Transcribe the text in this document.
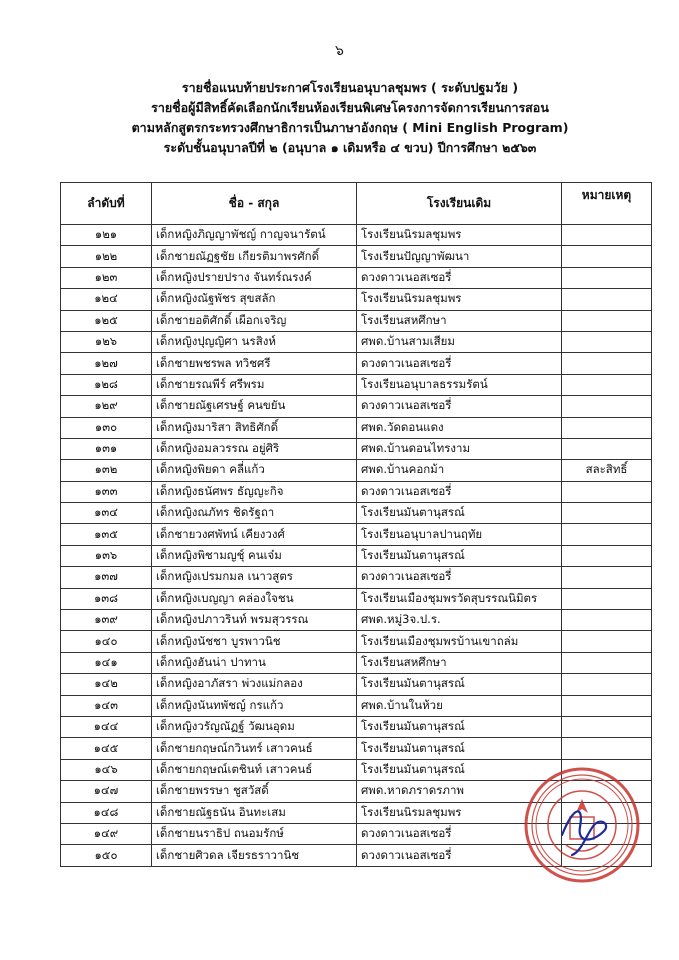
๖
รายชื่อแนบท้ายประกาศโรงเรียนอนุบาลชุมพร ( ระดับปฐมวัย )
รายชื่อผู้มีสิทธิ์คัดเลือกนักเรียนห้องเรียนพิเศษโครงการจัดการเรียนการสอน
ตามหลักสูตรกระทรวงศึกษาธิการเป็นภาษาอังกฤษ ( Mini English Program)
ระดับชั้นอนุบาลปีที่ ๒ (อนุบาล ๑ เดิมหรือ ๔ ขวบ) ปีการศึกษา ๒๕๖๓
ลำดับที่	ชื่อ - สกุล	โรงเรียนเดิม	หมายเหตุ
๑๒๑	เด็กหญิงภิญญาพัชญ์ กาญจนารัตน์	โรงเรียนนิรมลชุมพร	
๑๒๒	เด็กชายณัฏฐชัย เกียรติมาพรศักดิ์	โรงเรียนปัญญาพัฒนา	
๑๒๓	เด็กหญิงปรายปราง จันทร์ณรงค์	ดวงดาวเนอสเซอรี่	
๑๒๔	เด็กหญิงณัฐพัชร สุขสลัก	โรงเรียนนิรมลชุมพร	
๑๒๕	เด็กชายอติศักดิ์ เผือกเจริญ	โรงเรียนสหศึกษา	
๑๒๖	เด็กหญิงปุญญิศา นรสิงห์	ศพด.บ้านสามเสียม	
๑๒๗	เด็กชายพชรพล ทวิชศรี	ดวงดาวเนอสเซอรี่	
๑๒๘	เด็กชายรณพีร์ ศรีพรม	โรงเรียนอนุบาลธรรมรัตน์	
๑๒๙	เด็กชายณัฐเศรษฐ์ คนขยัน	ดวงดาวเนอสเซอรี่	
๑๓๐	เด็กหญิงมาริสา สิทธิศักดิ์	ศพด.วัดดอนแดง	
๑๓๑	เด็กหญิงอมลวรรณ อยู่ศิริ	ศพด.บ้านดอนไทรงาม	
๑๓๒	เด็กหญิงพิยดา คลี่แก้ว	ศพด.บ้านคอกม้า	สละสิทธิ์
๑๓๓	เด็กหญิงธนัศพร ธัญญะกิจ	ดวงดาวเนอสเซอรี่	
๑๓๔	เด็กหญิงณภัทร ชิดรัฐถา	โรงเรียนมันตานุสรณ์	
๑๓๕	เด็กชายวงศพัทน์ เคียงวงศ์	โรงเรียนอนุบาลปานฤทัย	
๑๓๖	เด็กหญิงพิชามญชุ์ คนเจ๋ม	โรงเรียนมันตานุสรณ์	
๑๓๗	เด็กหญิงเปรมกมล เนาวสูตร	ดวงดาวเนอสเซอรี่	
๑๓๘	เด็กหญิงเบญญา คล่องใจชน	โรงเรียนเมืองชุมพรวัดสุบรรณนิมิตร	
๑๓๙	เด็กหญิงปภาวรินท์ พรมสุวรรณ	ศพด.หมู่3จ.ป.ร.	
๑๔๐	เด็กหญิงนัชชา บูรพาวนิช	โรงเรียนเมืองชุมพรบ้านเขาถล่ม	
๑๔๑	เด็กหญิงฮันน่า ปาทาน	โรงเรียนสหศึกษา	
๑๔๒	เด็กหญิงอาภัสรา พ่วงแม่กลอง	โรงเรียนมันตานุสรณ์	
๑๔๓	เด็กหญิงนันทพัชญ์ กรแก้ว	ศพด.บ้านในห้วย	
๑๔๔	เด็กหญิงวรัญณัฏฐ์ วัฒนอุดม	โรงเรียนมันตานุสรณ์	
๑๔๕	เด็กชายกฤษณ์กวินทร์ เสาวคนธ์	โรงเรียนมันตานุสรณ์	
๑๔๖	เด็กชายกฤษณ์เตชินท์ เสาวคนธ์	โรงเรียนมันตานุสรณ์	
๑๔๗	เด็กชายพรรษา ชูสวัสดิ์	ศพด.หาดภราดรภาพ	
๑๔๘	เด็กชายณัฐธนัน อินทะเสม	โรงเรียนนิรมลชุมพร	
๑๔๙	เด็กชายนราธิป ถนอมรักษ์	ดวงดาวเนอสเซอรี่	
๑๕๐	เด็กชายศิวดล เจียรธราวานิช	ดวงดาวเนอสเซอรี่	
